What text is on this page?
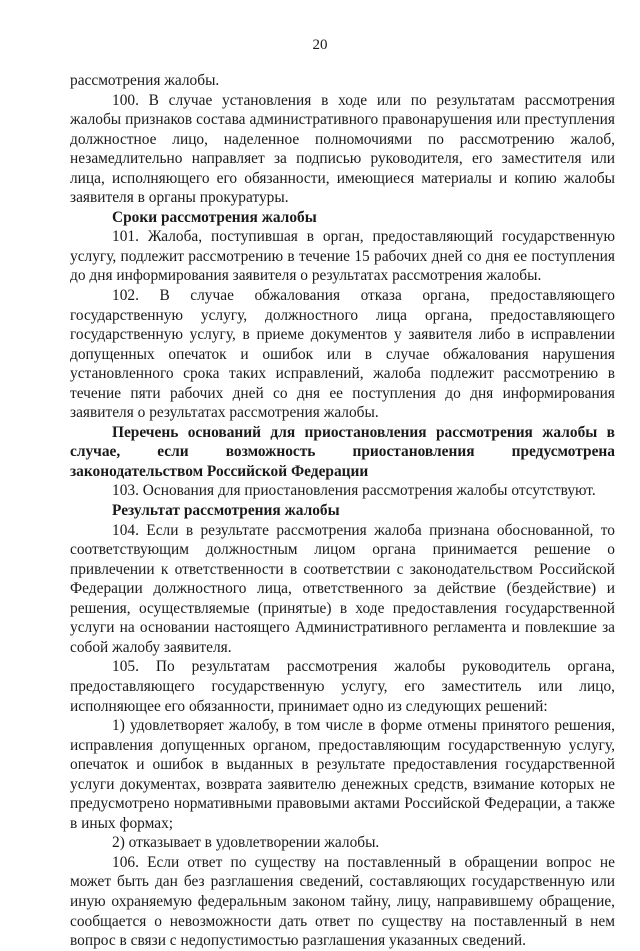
20

рассмотрения жалобы.

100. В случае установления в ходе или по результатам рассмотрения жалобы признаков состава административного правонарушения или преступления должностное лицо, наделенное полномочиями по рассмотрению жалоб, незамедлительно направляет за подписью руководителя, его заместителя или лица, исполняющего его обязанности, имеющиеся материалы и копию жалобы заявителя в органы прокуратуры.

Сроки рассмотрения жалобы

101. Жалоба, поступившая в орган, предоставляющий государственную услугу, подлежит рассмотрению в течение 15 рабочих дней со дня ее поступления до дня информирования заявителя о результатах рассмотрения жалобы.

102. В случае обжалования отказа органа, предоставляющего государственную услугу, должностного лица органа, предоставляющего государственную услугу, в приеме документов у заявителя либо в исправлении допущенных опечаток и ошибок или в случае обжалования нарушения установленного срока таких исправлений, жалоба подлежит рассмотрению в течение пяти рабочих дней со дня ее поступления до дня информирования заявителя о результатах рассмотрения жалобы.

Перечень оснований для приостановления рассмотрения жалобы в случае, если возможность приостановления предусмотрена законодательством Российской Федерации

103. Основания для приостановления рассмотрения жалобы отсутствуют.

Результат рассмотрения жалобы

104. Если в результате рассмотрения жалоба признана обоснованной, то соответствующим должностным лицом органа принимается решение о привлечении к ответственности в соответствии с законодательством Российской Федерации должностного лица, ответственного за действие (бездействие) и решения, осуществляемые (принятые) в ходе предоставления государственной услуги на основании настоящего Административного регламента и повлекшие за собой жалобу заявителя.

105. По результатам рассмотрения жалобы руководитель органа, предоставляющего государственную услугу, его заместитель или лицо, исполняющее его обязанности, принимает одно из следующих решений:

1) удовлетворяет жалобу, в том числе в форме отмены принятого решения, исправления допущенных органом, предоставляющим государственную услугу, опечаток и ошибок в выданных в результате предоставления государственной услуги документах, возврата заявителю денежных средств, взимание которых не предусмотрено нормативными правовыми актами Российской Федерации, а также в иных формах;

2) отказывает в удовлетворении жалобы.

106. Если ответ по существу на поставленный в обращении вопрос не может быть дан без разглашения сведений, составляющих государственную или иную охраняемую федеральным законом тайну, лицу, направившему обращение, сообщается о невозможности дать ответ по существу на поставленный в нем вопрос в связи с недопустимостью разглашения указанных сведений.
